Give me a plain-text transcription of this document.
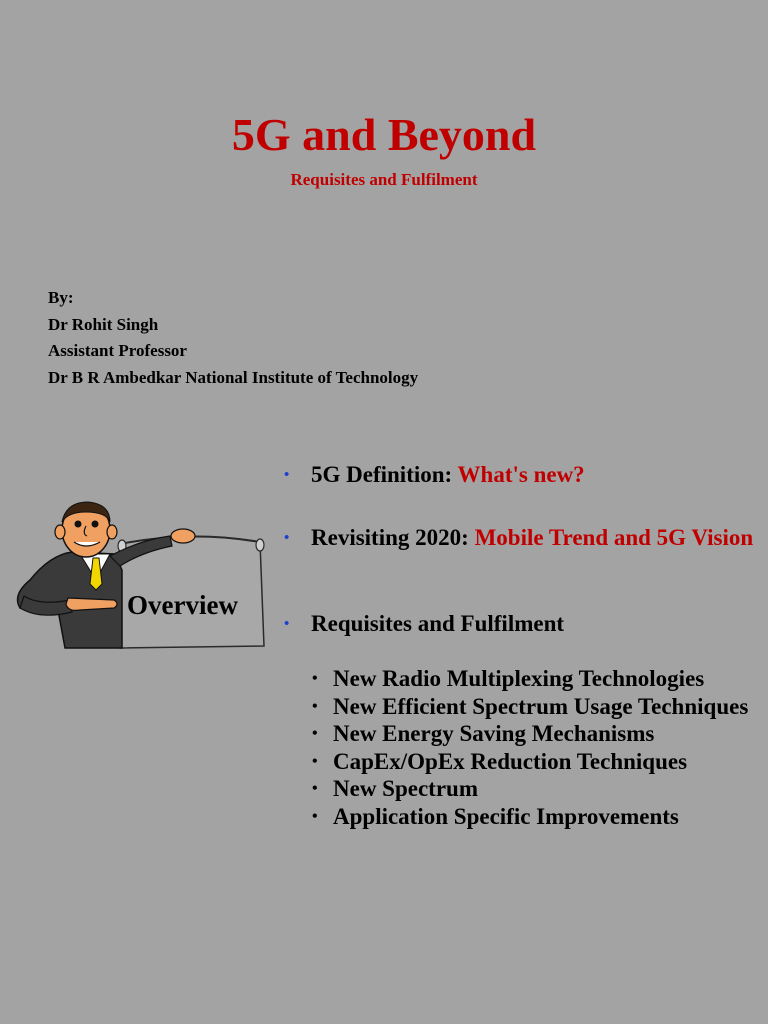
5G and Beyond
Requisites and Fulfilment
By:
Dr Rohit Singh
Assistant Professor
Dr B R Ambedkar National Institute of Technology
Overview
• 5G Definition: What's new?
• Revisiting 2020: Mobile Trend and 5G Vision
• Requisites and Fulfilment
• New Radio Multiplexing Technologies
• New Efficient Spectrum Usage Techniques
• New Energy Saving Mechanisms
• CapEx/OpEx Reduction Techniques
• New Spectrum
• Application Specific Improvements
